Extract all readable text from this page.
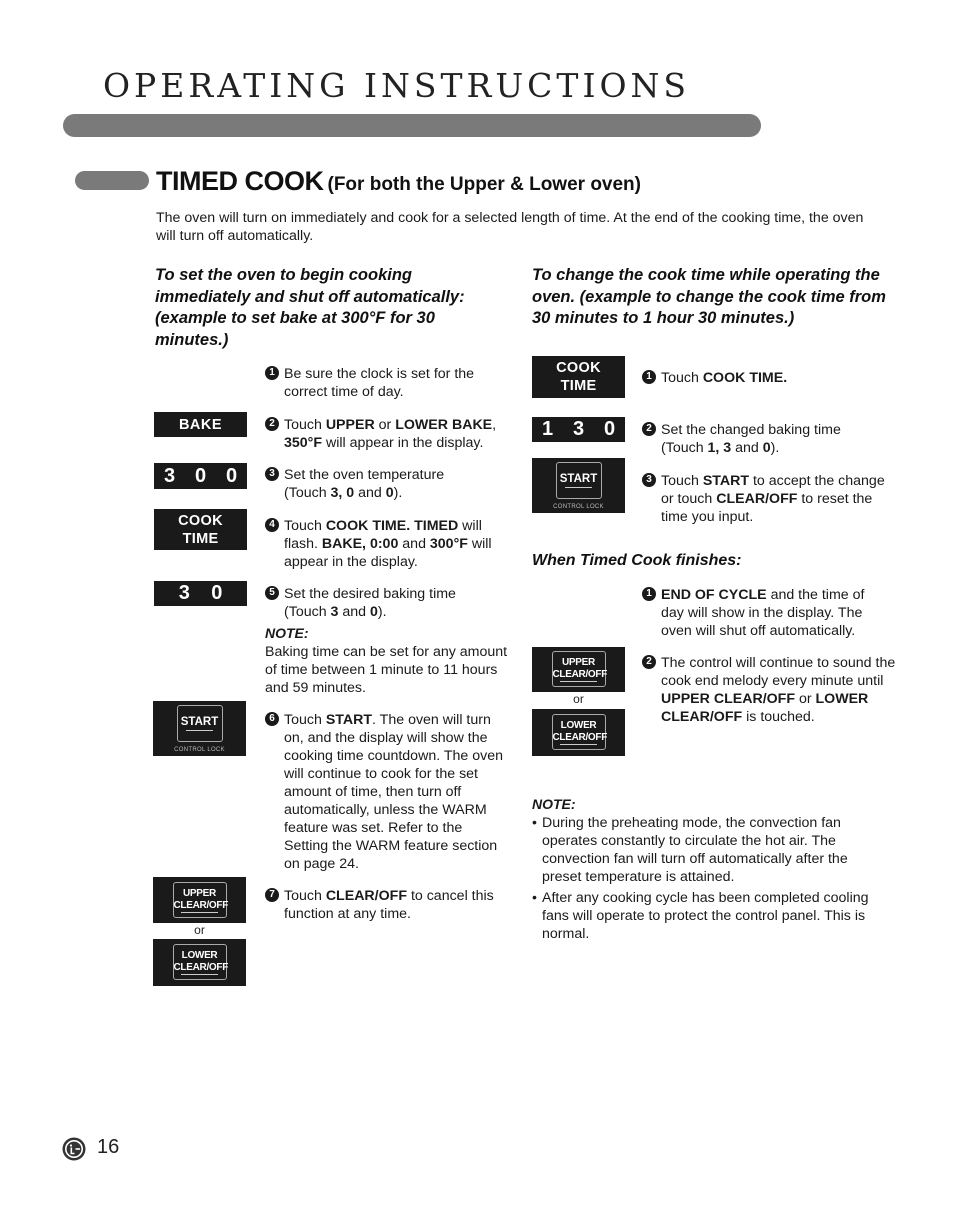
OPERATING INSTRUCTIONS
TIMED COOK (For both the Upper & Lower oven)
The oven will turn on immediately and cook for a selected length of time. At the end of the cooking time, the oven will turn off automatically.
To set the oven to begin cooking immediately and shut off automatically: (example to set bake at 300°F for 30 minutes.)
BAKE
3 0 0
COOK
TIME
3 0
START
CONTROL LOCK
UPPER
CLEAR/OFF
or
LOWER
CLEAR/OFF
1 Be sure the clock is set for the correct time of day.
2 Touch UPPER or LOWER BAKE, 350°F will appear in the display.
3 Set the oven temperature (Touch 3, 0 and 0).
4 Touch COOK TIME. TIMED will flash. BAKE, 0:00 and 300°F will appear in the display.
5 Set the desired baking time (Touch 3 and 0).
NOTE:
Baking time can be set for any amount of time between 1 minute to 11 hours and 59 minutes.
6 Touch START. The oven will turn on, and the display will show the cooking time countdown. The oven will continue to cook for the set amount of time, then turn off automatically, unless the WARM feature was set. Refer to the Setting the WARM feature section on page 24.
7 Touch CLEAR/OFF to cancel this function at any time.
To change the cook time while operating the oven. (example to change the cook time from 30 minutes to 1 hour 30 minutes.)
COOK
TIME
1 3 0
START
CONTROL LOCK
1 Touch COOK TIME.
2 Set the changed baking time (Touch 1, 3 and 0).
3 Touch START to accept the change or touch CLEAR/OFF to reset the time you input.
When Timed Cook finishes:
UPPER
CLEAR/OFF
or
LOWER
CLEAR/OFF
1 END OF CYCLE and the time of day will show in the display. The oven will shut off automatically.
2 The control will continue to sound the cook end melody every minute until UPPER CLEAR/OFF or LOWER CLEAR/OFF is touched.
NOTE:
• During the preheating mode, the convection fan operates constantly to circulate the hot air. The convection fan will turn off automatically after the preset temperature is attained.
• After any cooking cycle has been completed cooling fans will operate to protect the control panel. This is normal.
16
